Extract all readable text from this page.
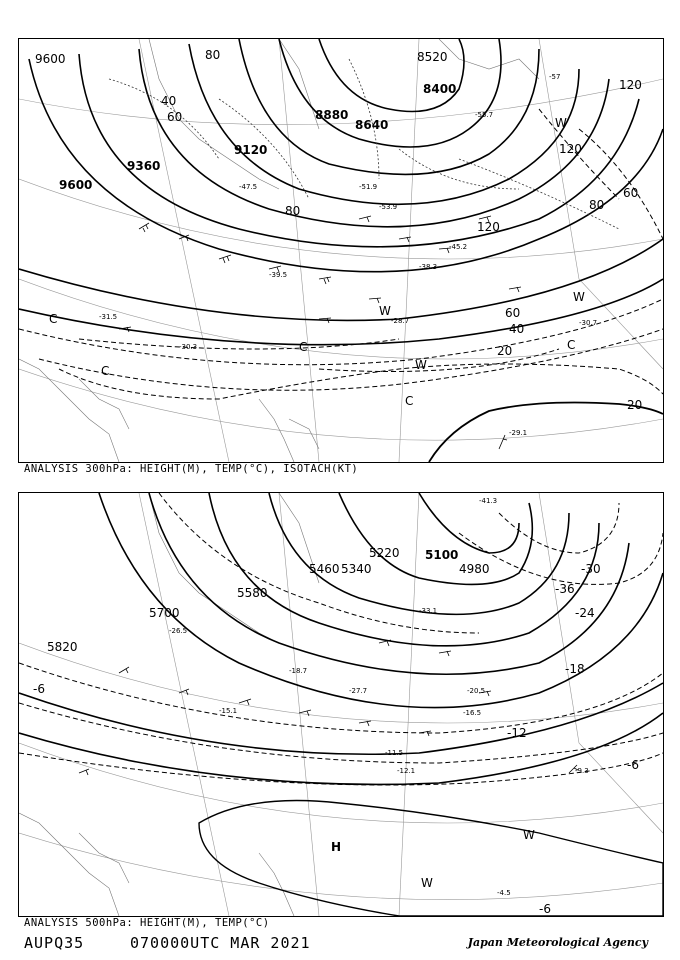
9600
9360
9120
8880
8640
8400
8520
9600
120
120
80
80
60
60
40
40
20
20
60
80
120
-51.9
-53.9
-47.5
-45.2
-39.5
-38.3
-31.5
-30.3
-28.7
-29.1
-30.7
-55.7
-57
C
C
C
C
C
W
W
W
W
ANALYSIS 300hPa: HEIGHT(M), TEMP(°C), ISOTACH(KT)
5820
5700
5580
5460
5220 5100
4980
5340
-36
-30
-24
-18
-12
-6
-6
-6
-26.5
-18.7
-15.1
-12.1	-9.3
-4.5
-41.3
-33.1
-27.7	-20.5
-16.5
-11.5
H
W
W
ANALYSIS 500hPa: HEIGHT(M), TEMP(°C)
AUPQ35	070000UTC MAR 2021	Japan Meteorological Agency
